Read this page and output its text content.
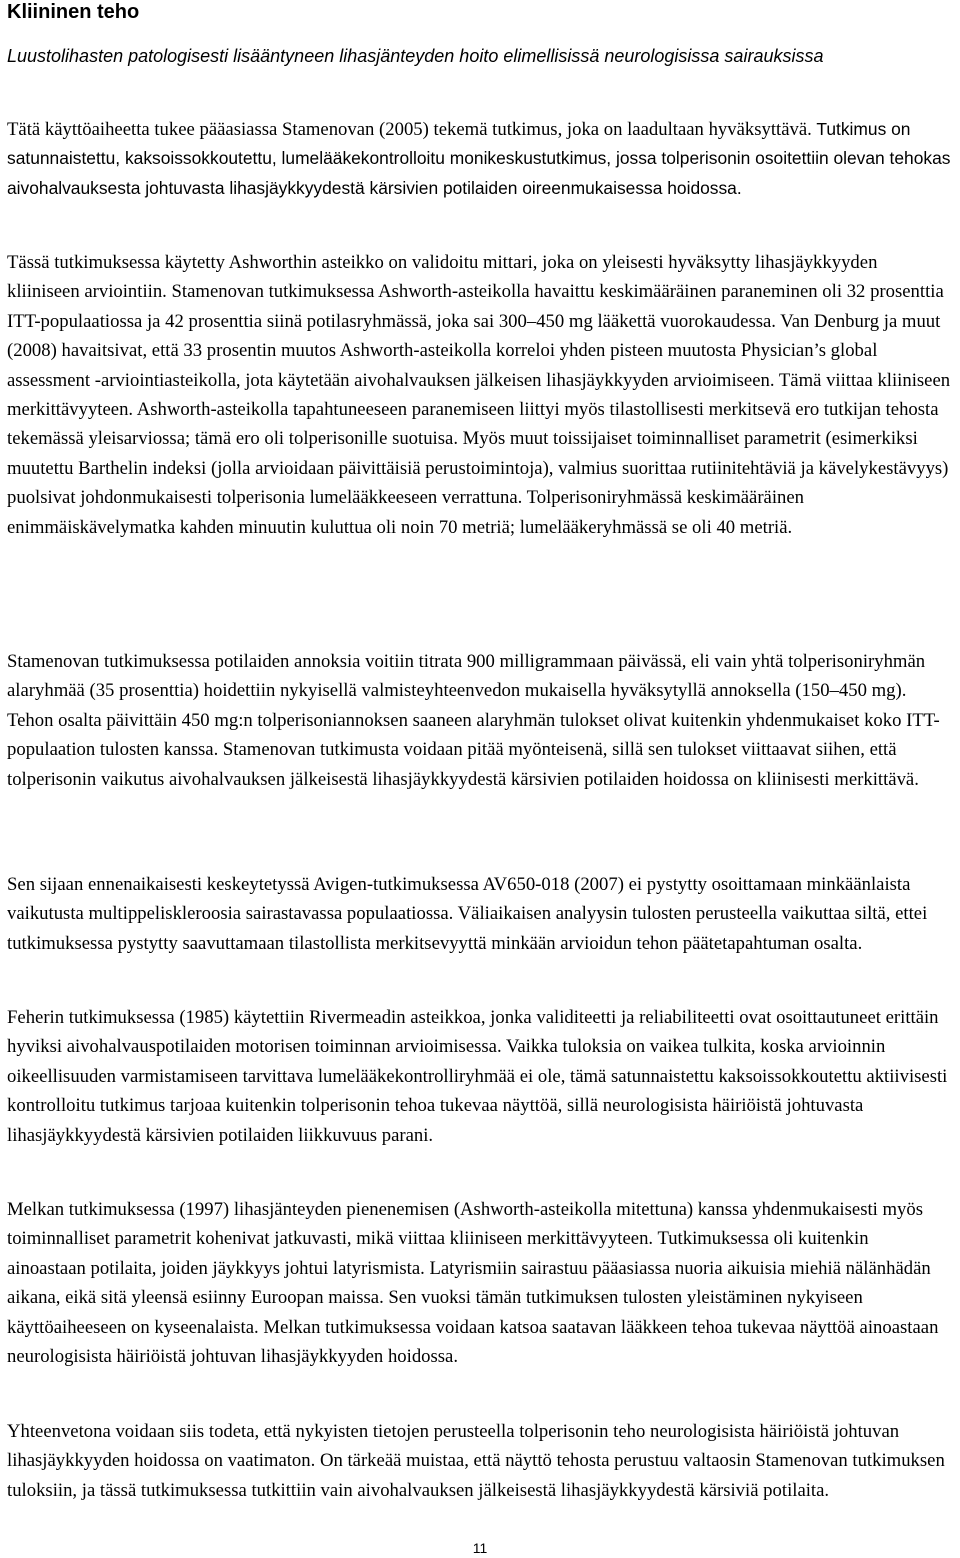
Kliininen teho

Luustolihasten patologisesti lisääntyneen lihasjänteyden hoito elimellisissä neurologisissa sairauksissa

Tätä käyttöaiheetta tukee pääasiassa Stamenovan (2005) tekemä tutkimus, joka on laadultaan hyväksyttävä. Tutkimus on satunnaistettu, kaksoissokkoutettu, lumelääkekontrolloitu monikeskustutkimus, jossa tolperisonin osoitettiin olevan tehokas aivohalvauksesta johtuvasta lihasjäykkyydestä kärsivien potilaiden oireenmukaisessa hoidossa.

Tässä tutkimuksessa käytetty Ashworthin asteikko on validoitu mittari, joka on yleisesti hyväksytty lihasjäykkyyden kliiniseen arviointiin. Stamenovan tutkimuksessa Ashworth-asteikolla havaittu keskimääräinen paraneminen oli 32 prosenttia ITT-populaatiossa ja 42 prosenttia siinä potilasryhmässä, joka sai 300–450 mg lääkettä vuorokaudessa. Van Denburg ja muut (2008) havaitsivat, että 33 prosentin muutos Ashworth-asteikolla korreloi yhden pisteen muutosta Physician’s global assessment -arviointiasteikolla, jota käytetään aivohalvauksen jälkeisen lihasjäykkyyden arvioimiseen. Tämä viittaa kliiniseen merkittävyyteen. Ashworth-asteikolla tapahtuneeseen paranemiseen liittyi myös tilastollisesti merkitsevä ero tutkijan tehosta tekemässä yleisarviossa; tämä ero oli tolperisonille suotuisa. Myös muut toissijaiset toiminnalliset parametrit (esimerkiksi muutettu Barthelin indeksi (jolla arvioidaan päivittäisiä perustoimintoja), valmius suorittaa rutiinitehtäviä ja kävelykestävyys) puolsivat johdonmukaisesti tolperisonia lumelääkkeeseen verrattuna. Tolperisoniryhmässä keskimääräinen enimmäiskävelymatka kahden minuutin kuluttua oli noin 70 metriä; lumelääkeryhmässä se oli 40 metriä.

Stamenovan tutkimuksessa potilaiden annoksia voitiin titrata 900 milligrammaan päivässä, eli vain yhtä tolperisoniryhmän alaryhmää (35 prosenttia) hoidettiin nykyisellä valmisteyhteenvedon mukaisella hyväksytyllä annoksella (150–450 mg). Tehon osalta päivittäin 450 mg:n tolperisoniannoksen saaneen alaryhmän tulokset olivat kuitenkin yhdenmukaiset koko ITT-populaation tulosten kanssa. Stamenovan tutkimusta voidaan pitää myönteisenä, sillä sen tulokset viittaavat siihen, että tolperisonin vaikutus aivohalvauksen jälkeisestä lihasjäykkyydestä kärsivien potilaiden hoidossa on kliinisesti merkittävä.

Sen sijaan ennenaikaisesti keskeytetyssä Avigen-tutkimuksessa AV650-018 (2007) ei pystytty osoittamaan minkäänlaista vaikutusta multippeliskleroosia sairastavassa populaatiossa. Väliaikaisen analyysin tulosten perusteella vaikuttaa siltä, ettei tutkimuksessa pystytty saavuttamaan tilastollista merkitsevyyttä minkään arvioidun tehon päätetapahtuman osalta.

Feherin tutkimuksessa (1985) käytettiin Rivermeadin asteikkoa, jonka validiteetti ja reliabiliteetti ovat osoittautuneet erittäin hyviksi aivohalvauspotilaiden motorisen toiminnan arvioimisessa. Vaikka tuloksia on vaikea tulkita, koska arvioinnin oikeellisuuden varmistamiseen tarvittava lumelääkekontrolliryhmää ei ole, tämä satunnaistettu kaksoissokkoutettu aktiivisesti kontrolloitu tutkimus tarjoaa kuitenkin tolperisonin tehoa tukevaa näyttöä, sillä neurologisista häiriöistä johtuvasta lihasjäykkyydestä kärsivien potilaiden liikkuvuus parani.

Melkan tutkimuksessa (1997) lihasjänteyden pienenemisen (Ashworth-asteikolla mitettuna) kanssa yhdenmukaisesti myös toiminnalliset parametrit kohenivat jatkuvasti, mikä viittaa kliiniseen merkittävyyteen. Tutkimuksessa oli kuitenkin ainoastaan potilaita, joiden jäykkyys johtui latyrismista. Latyrismiin sairastuu pääasiassa nuoria aikuisia miehiä nälänhädän aikana, eikä sitä yleensä esiinny Euroopan maissa. Sen vuoksi tämän tutkimuksen tulosten yleistäminen nykyiseen käyttöaiheeseen on kyseenalaista. Melkan tutkimuksessa voidaan katsoa saatavan lääkkeen tehoa tukevaa näyttöä ainoastaan neurologisista häiriöistä johtuvan lihasjäykkyyden hoidossa.

Yhteenvetona voidaan siis todeta, että nykyisten tietojen perusteella tolperisonin teho neurologisista häiriöistä johtuvan lihasjäykkyyden hoidossa on vaatimaton. On tärkeää muistaa, että näyttö tehosta perustuu valtaosin Stamenovan tutkimuksen tuloksiin, ja tässä tutkimuksessa tutkittiin vain aivohalvauksen jälkeisestä lihasjäykkyydestä kärsiviä potilaita.

11
